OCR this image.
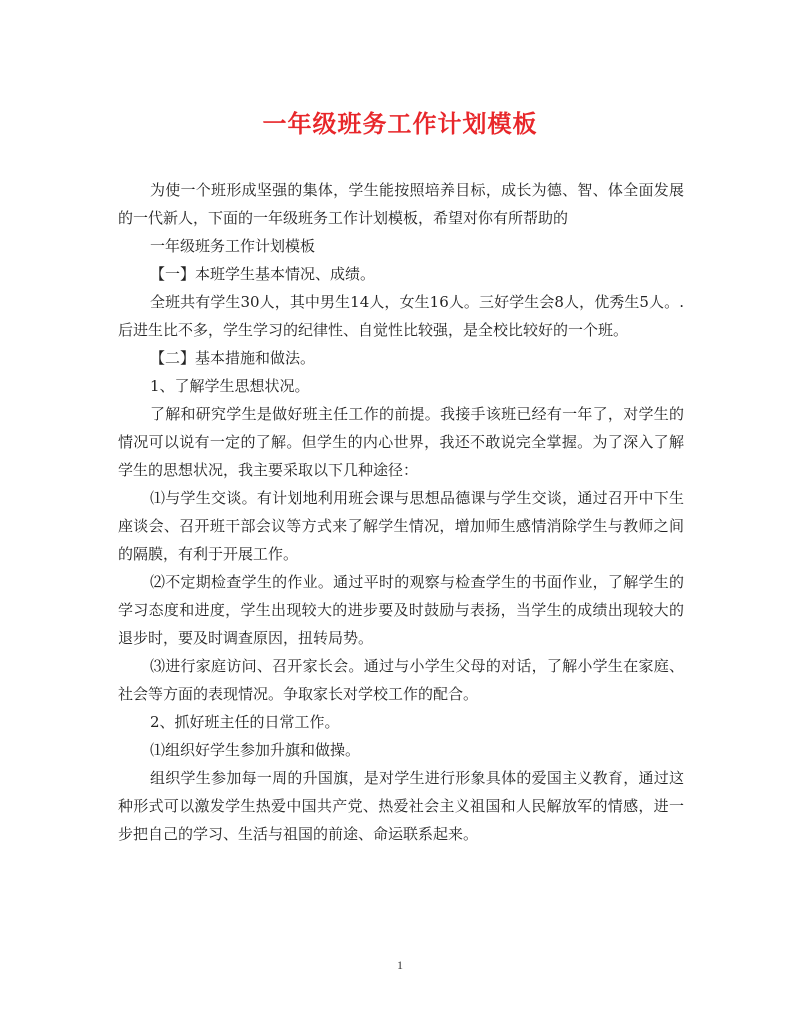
一年级班务工作计划模板

为使一个班形成坚强的集体，学生能按照培养目标，成长为德、智、体全面发展的一代新人，下面的一年级班务工作计划模板，希望对你有所帮助的

一年级班务工作计划模板

【一】本班学生基本情况、成绩。

全班共有学生30人，其中男生14人，女生16人。三好学生会8人，优秀生5人。.后进生比不多，学生学习的纪律性、自觉性比较强，是全校比较好的一个班。

【二】基本措施和做法。

1、了解学生思想状况。

了解和研究学生是做好班主任工作的前提。我接手该班已经有一年了，对学生的情况可以说有一定的了解。但学生的内心世界，我还不敢说完全掌握。为了深入了解学生的思想状况，我主要采取以下几种途径：

⑴与学生交谈。有计划地利用班会课与思想品德课与学生交谈，通过召开中下生座谈会、召开班干部会议等方式来了解学生情况，增加师生感情消除学生与教师之间的隔膜，有利于开展工作。

⑵不定期检查学生的作业。通过平时的观察与检查学生的书面作业，了解学生的学习态度和进度，学生出现较大的进步要及时鼓励与表扬，当学生的成绩出现较大的退步时，要及时调查原因，扭转局势。

⑶进行家庭访问、召开家长会。通过与小学生父母的对话，了解小学生在家庭、社会等方面的表现情况。争取家长对学校工作的配合。

2、抓好班主任的日常工作。

⑴组织好学生参加升旗和做操。

组织学生参加每一周的升国旗，是对学生进行形象具体的爱国主义教育，通过这种形式可以激发学生热爱中国共产党、热爱社会主义祖国和人民解放军的情感，进一步把自己的学习、生活与祖国的前途、命运联系起来。

1
